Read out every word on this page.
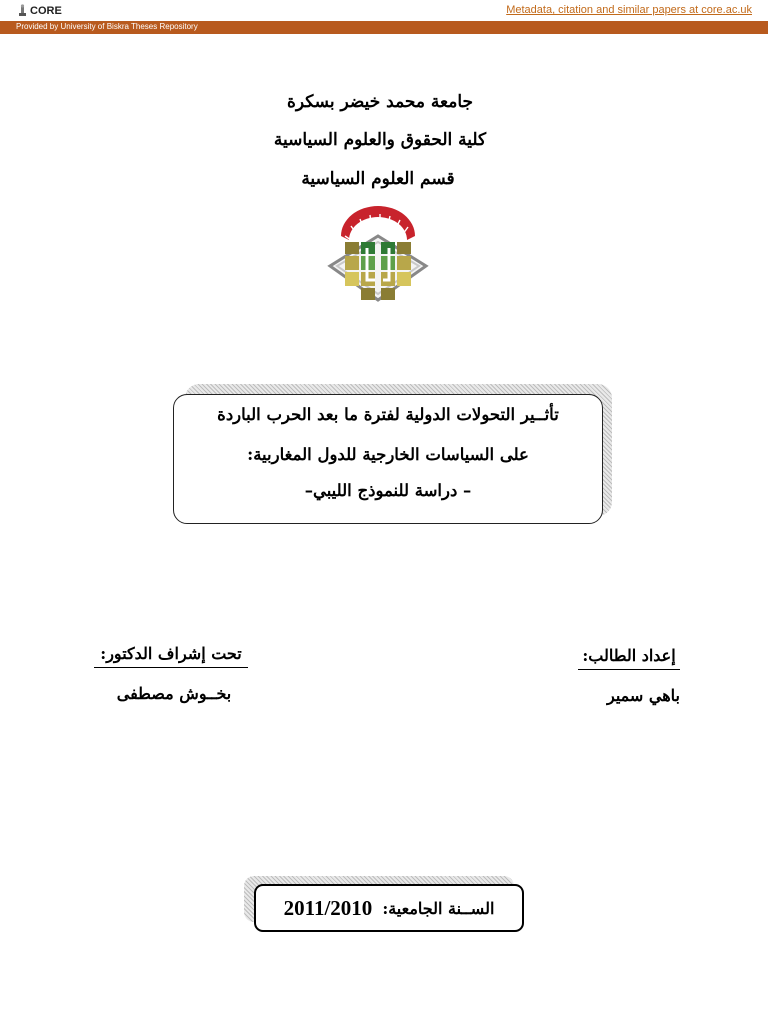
CORE	Metadata, citation and similar papers at core.ac.uk
Provided by University of Biskra Theses Repository
جامعة محمد خيضر بسكرة
كلية الحقوق والعلوم السياسية
قسم العلوم السياسية
تأثــير التحولات الدولية لفترة ما بعد الحرب الباردة
على السياسات الخارجية للدول المغاربية:
– دراسة للنموذج الليبي–
تحت إشراف الدكتور:
بخــوش مصطفى
إعداد الطالب:
باهي سمير
الســنة الجامعية:
2011/2010
